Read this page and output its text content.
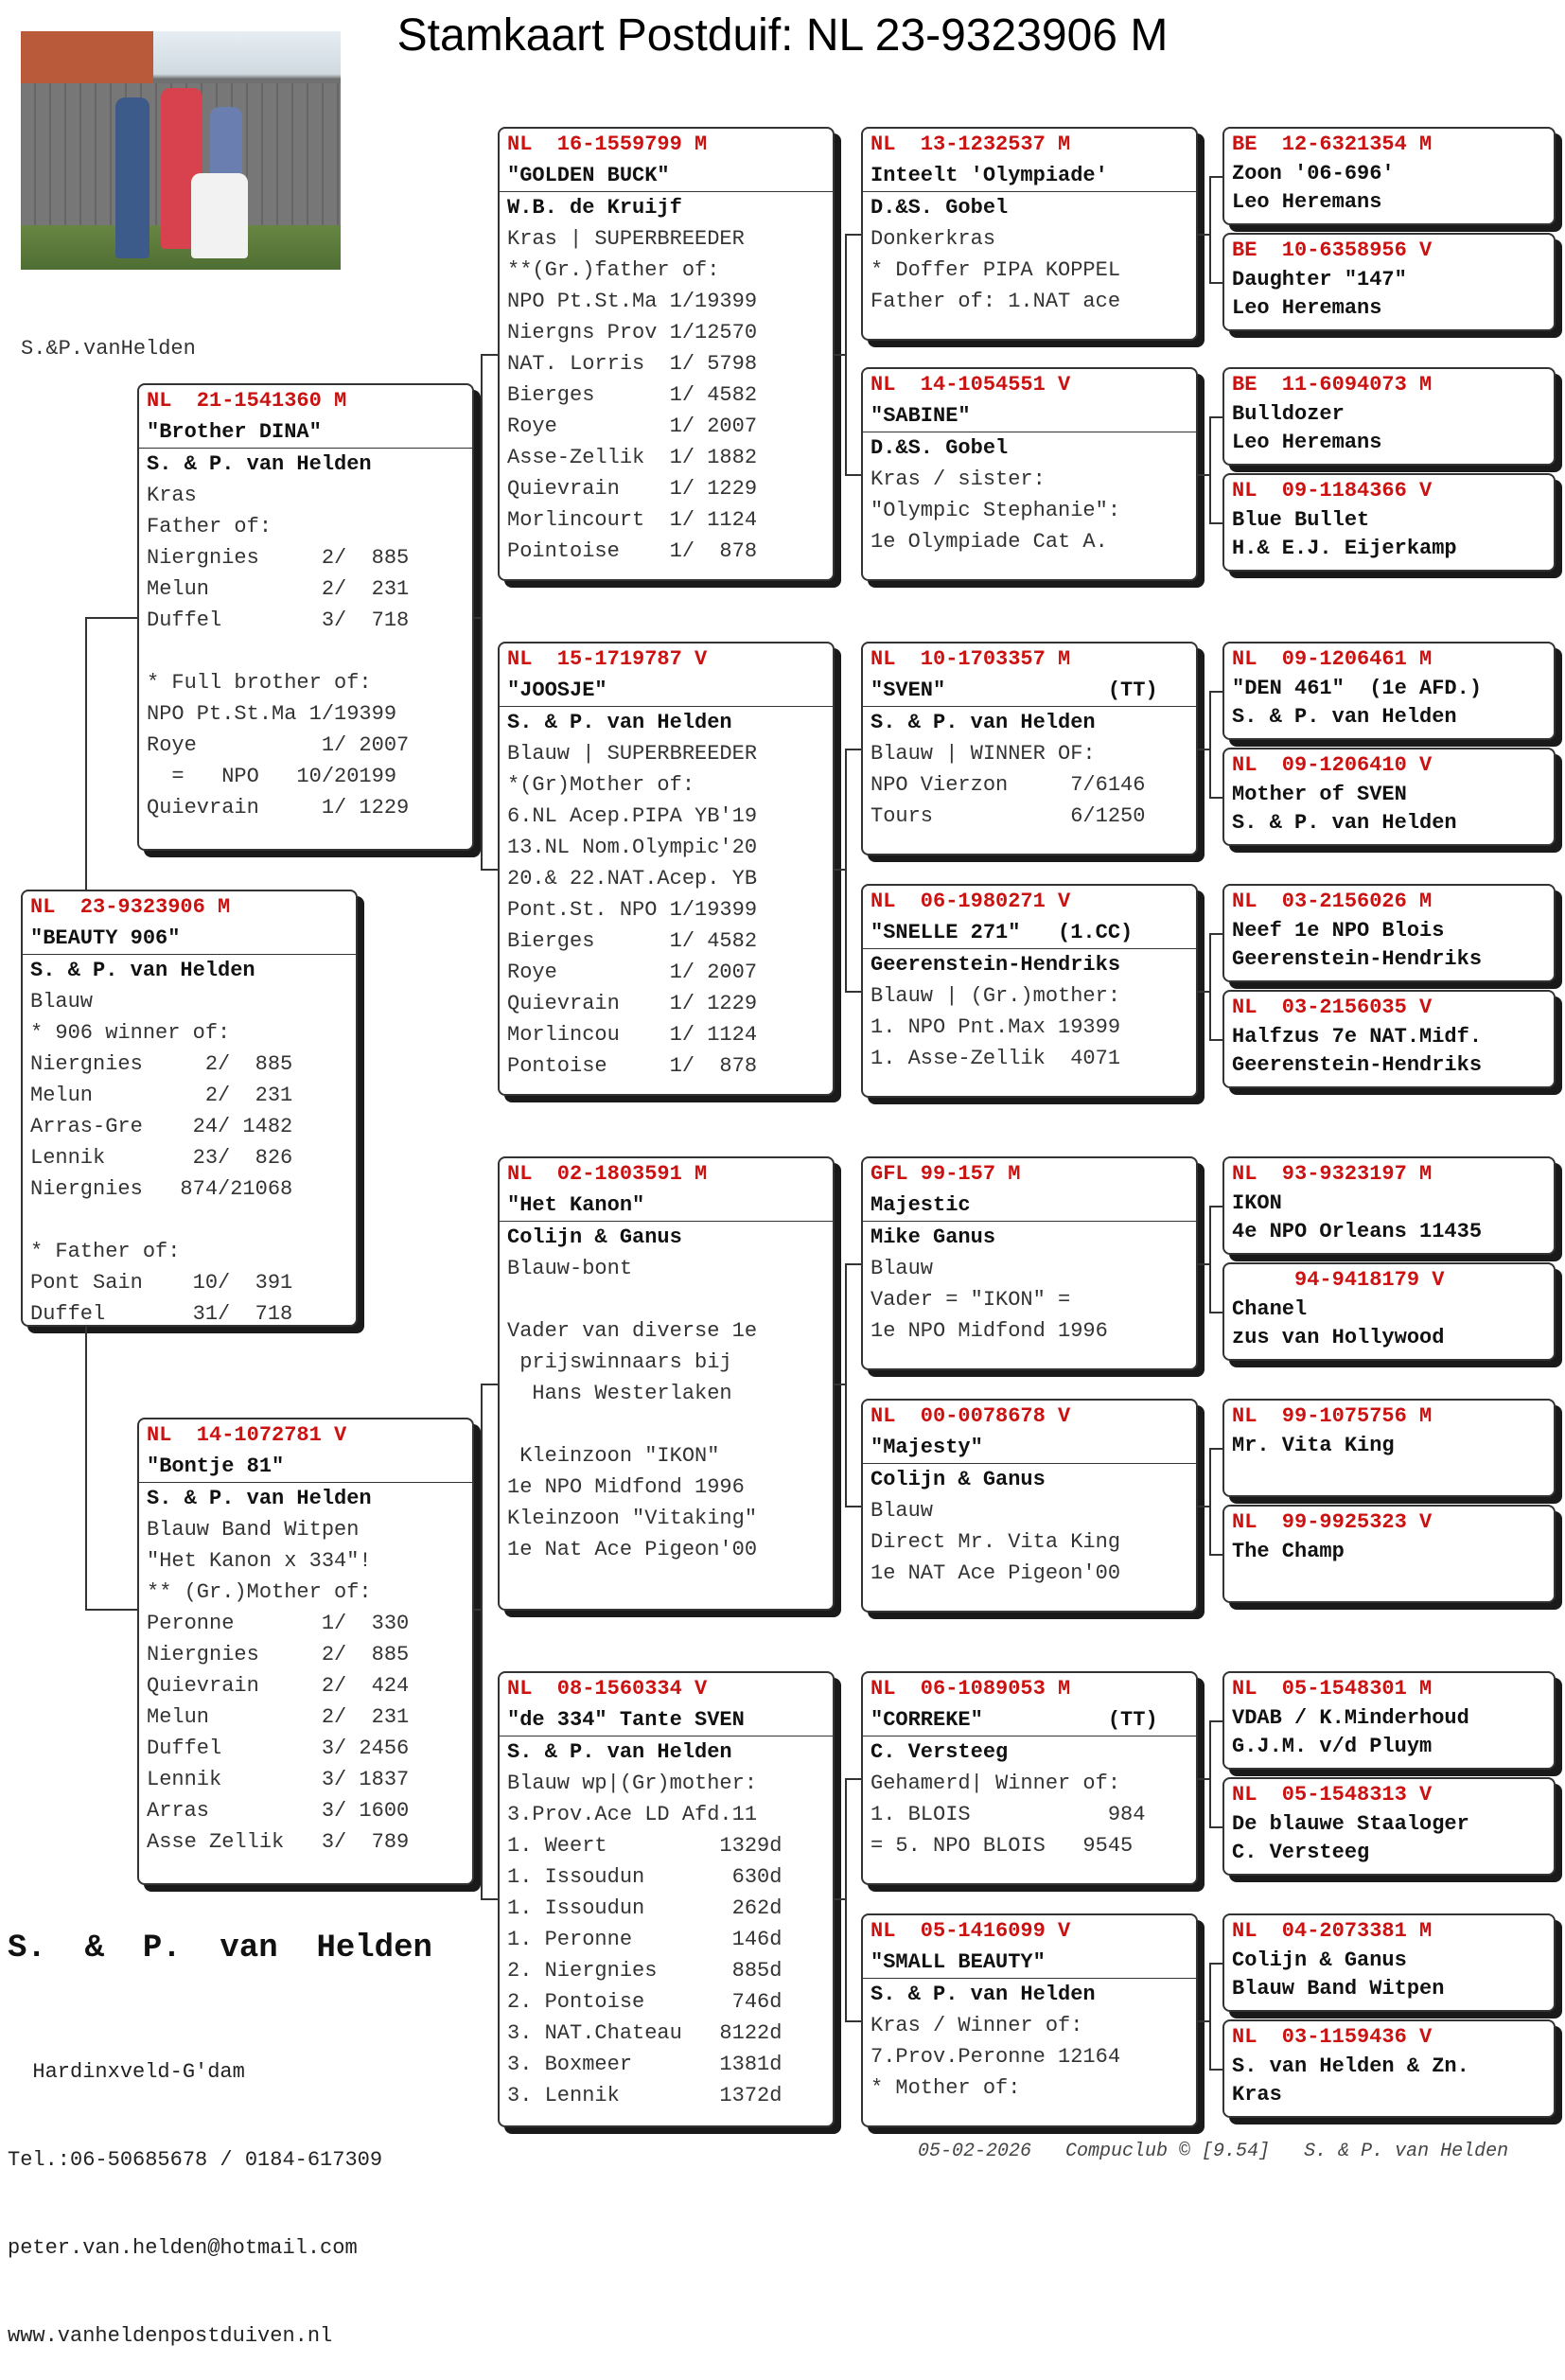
Stamkaart Postduif: NL 23-9323906 M
S.&P.vanHelden
NL  23-9323906 M
"BEAUTY 906"
S. & P. van Helden
Blauw
* 906 winner of:
Niergnies     2/  885
Melun         2/  231
Arras-Gre    24/ 1482
Lennik       23/  826
Niergnies   874/21068
* Father of:
Pont Sain    10/  391
Duffel       31/  718
NL  21-1541360 M
"Brother DINA"
S. & P. van Helden
Kras
Father of:
Niergnies     2/  885
Melun         2/  231
Duffel        3/  718
* Full brother of:
NPO Pt.St.Ma 1/19399
Roye          1/ 2007
=   NPO   10/20199
Quievrain     1/ 1229
NL  14-1072781 V
"Bontje 81"
S. & P. van Helden
Blauw Band Witpen
"Het Kanon x 334"!
** (Gr.)Mother of:
Peronne       1/  330
Niergnies     2/  885
Quievrain     2/  424
Melun         2/  231
Duffel        3/ 2456
Lennik        3/ 1837
Arras         3/ 1600
Asse Zellik   3/  789
NL  16-1559799 M
"GOLDEN BUCK"
W.B. de Kruijf
Kras | SUPERBREEDER
**(Gr.)father of:
NPO Pt.St.Ma 1/19399
Niergns Prov 1/12570
NAT. Lorris  1/ 5798
Bierges      1/ 4582
Roye         1/ 2007
Asse-Zellik  1/ 1882
Quievrain    1/ 1229
Morlincourt  1/ 1124
Pointoise    1/  878
NL  15-1719787 V
"JOOSJE"
S. & P. van Helden
Blauw | SUPERBREEDER
*(Gr)Mother of:
6.NL Acep.PIPA YB'19
13.NL Nom.Olympic'20
20.& 22.NAT.Acep. YB
Pont.St. NPO 1/19399
Bierges      1/ 4582
Roye         1/ 2007
Quievrain    1/ 1229
Morlincou    1/ 1124
Pontoise     1/  878
NL  02-1803591 M
"Het Kanon"
Colijn & Ganus
Blauw-bont
Vader van diverse 1e
prijswinnaars bij
Hans Westerlaken
Kleinzoon "IKON"
1e NPO Midfond 1996
Kleinzoon "Vitaking"
1e Nat Ace Pigeon'00
NL  08-1560334 V
"de 334" Tante SVEN
S. & P. van Helden
Blauw wp|(Gr)mother:
3.Prov.Ace LD Afd.11
1. Weert         1329d
1. Issoudun       630d
1. Issoudun       262d
1. Peronne        146d
2. Niergnies      885d
2. Pontoise       746d
3. NAT.Chateau   8122d
3. Boxmeer       1381d
3. Lennik        1372d
NL  13-1232537 M
Inteelt 'Olympiade'
D.&S. Gobel
Donkerkras
* Doffer PIPA KOPPEL
Father of: 1.NAT ace
NL  14-1054551 V
"SABINE"
D.&S. Gobel
Kras / sister:
"Olympic Stephanie":
1e Olympiade Cat A.
NL  10-1703357 M
"SVEN"             (TT)
S. & P. van Helden
Blauw | WINNER OF:
NPO Vierzon     7/6146
Tours           6/1250
NL  06-1980271 V
"SNELLE 271"   (1.CC)
Geerenstein-Hendriks
Blauw | (Gr.)mother:
1. NPO Pnt.Max 19399
1. Asse-Zellik  4071
GFL 99-157 M
Majestic
Mike Ganus
Blauw
Vader = "IKON" =
1e NPO Midfond 1996
NL  00-0078678 V
"Majesty"
Colijn & Ganus
Blauw
Direct Mr. Vita King
1e NAT Ace Pigeon'00
NL  06-1089053 M
"CORREKE"          (TT)
C. Versteeg
Gehamerd| Winner of:
1. BLOIS           984
= 5. NPO BLOIS   9545
NL  05-1416099 V
"SMALL BEAUTY"
S. & P. van Helden
Kras / Winner of:
7.Prov.Peronne 12164
* Mother of:
BE  12-6321354 M
Zoon '06-696'
Leo Heremans
BE  10-6358956 V
Daughter "147"
Leo Heremans
BE  11-6094073 M
Bulldozer
Leo Heremans
NL  09-1184366 V
Blue Bullet
H.& E.J. Eijerkamp
NL  09-1206461 M
"DEN 461"  (1e AFD.)
S. & P. van Helden
NL  09-1206410 V
Mother of SVEN
S. & P. van Helden
NL  03-2156026 M
Neef 1e NPO Blois
Geerenstein-Hendriks
NL  03-2156035 V
Halfzus 7e NAT.Midf.
Geerenstein-Hendriks
NL  93-9323197 M
IKON
4e NPO Orleans 11435
94-9418179 V
Chanel
zus van Hollywood
NL  99-1075756 M
Mr. Vita King
NL  99-9925323 V
The Champ
NL  05-1548301 M
VDAB / K.Minderhoud
G.J.M. v/d Pluym
NL  05-1548313 V
De blauwe Staaloger
C. Versteeg
NL  04-2073381 M
Colijn & Ganus
Blauw Band Witpen
NL  03-1159436 V
S. van Helden & Zn.
Kras
S.  &  P.  van  Helden

Hardinxveld-G'dam

Tel.:06-50685678 / 0184-617309

peter.van.helden@hotmail.com

www.vanheldenpostduiven.nl

05-02-2026   Compuclub © [9.54]   S. & P. van Helden
